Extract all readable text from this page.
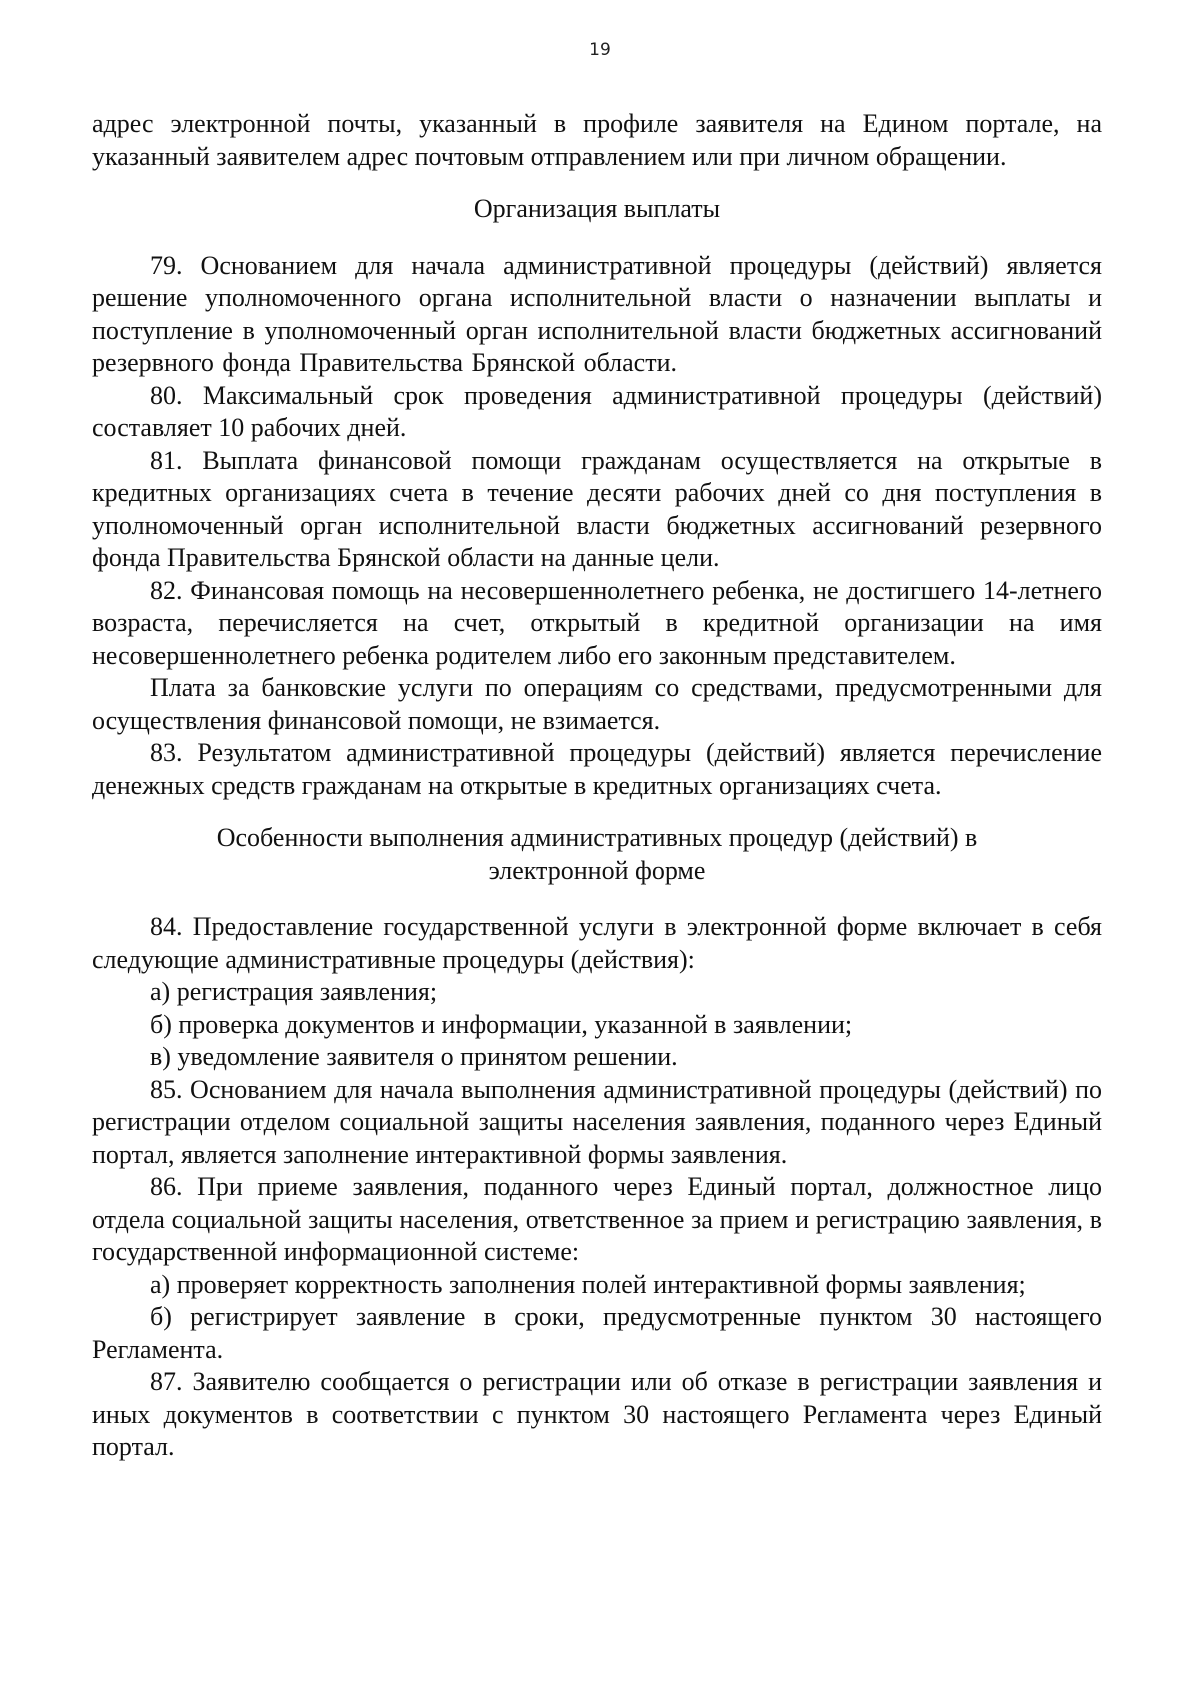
19

адрес электронной почты, указанный в профиле заявителя на Едином портале, на указанный заявителем адрес почтовым отправлением или при личном обращении.

Организация выплаты

79. Основанием для начала административной процедуры (действий) является решение уполномоченного органа исполнительной власти о назначении выплаты и поступление в уполномоченный орган исполнительной власти бюджетных ассигнований резервного фонда Правительства Брянской области.

80. Максимальный срок проведения административной процедуры (действий) составляет 10 рабочих дней.

81. Выплата финансовой помощи гражданам осуществляется на открытые в кредитных организациях счета в течение десяти рабочих дней со дня поступления в уполномоченный орган исполнительной власти бюджетных ассигнований резервного фонда Правительства Брянской области на данные цели.

82. Финансовая помощь на несовершеннолетнего ребенка, не достигшего 14-летнего возраста, перечисляется на счет, открытый в кредитной организации на имя несовершеннолетнего ребенка родителем либо его законным представителем.

Плата за банковские услуги по операциям со средствами, предусмотренными для осуществления финансовой помощи, не взимается.

83. Результатом административной процедуры (действий) является перечисление денежных средств гражданам на открытые в кредитных организациях счета.

Особенности выполнения административных процедур (действий) в

электронной форме

84. Предоставление государственной услуги в электронной форме включает в себя следующие административные процедуры (действия):

а) регистрация заявления;

б) проверка документов и информации, указанной в заявлении;

в) уведомление заявителя о принятом решении.

85. Основанием для начала выполнения административной процедуры (действий) по регистрации отделом социальной защиты населения заявления, поданного через Единый портал, является заполнение интерактивной формы заявления.

86. При приеме заявления, поданного через Единый портал, должностное лицо отдела социальной защиты населения, ответственное за прием и регистрацию заявления, в государственной информационной системе:

а) проверяет корректность заполнения полей интерактивной формы заявления;

б) регистрирует заявление в сроки, предусмотренные пунктом 30 настоящего Регламента.

87. Заявителю сообщается о регистрации или об отказе в регистрации заявления и иных документов в соответствии с пунктом 30 настоящего Регламента через Единый портал.
